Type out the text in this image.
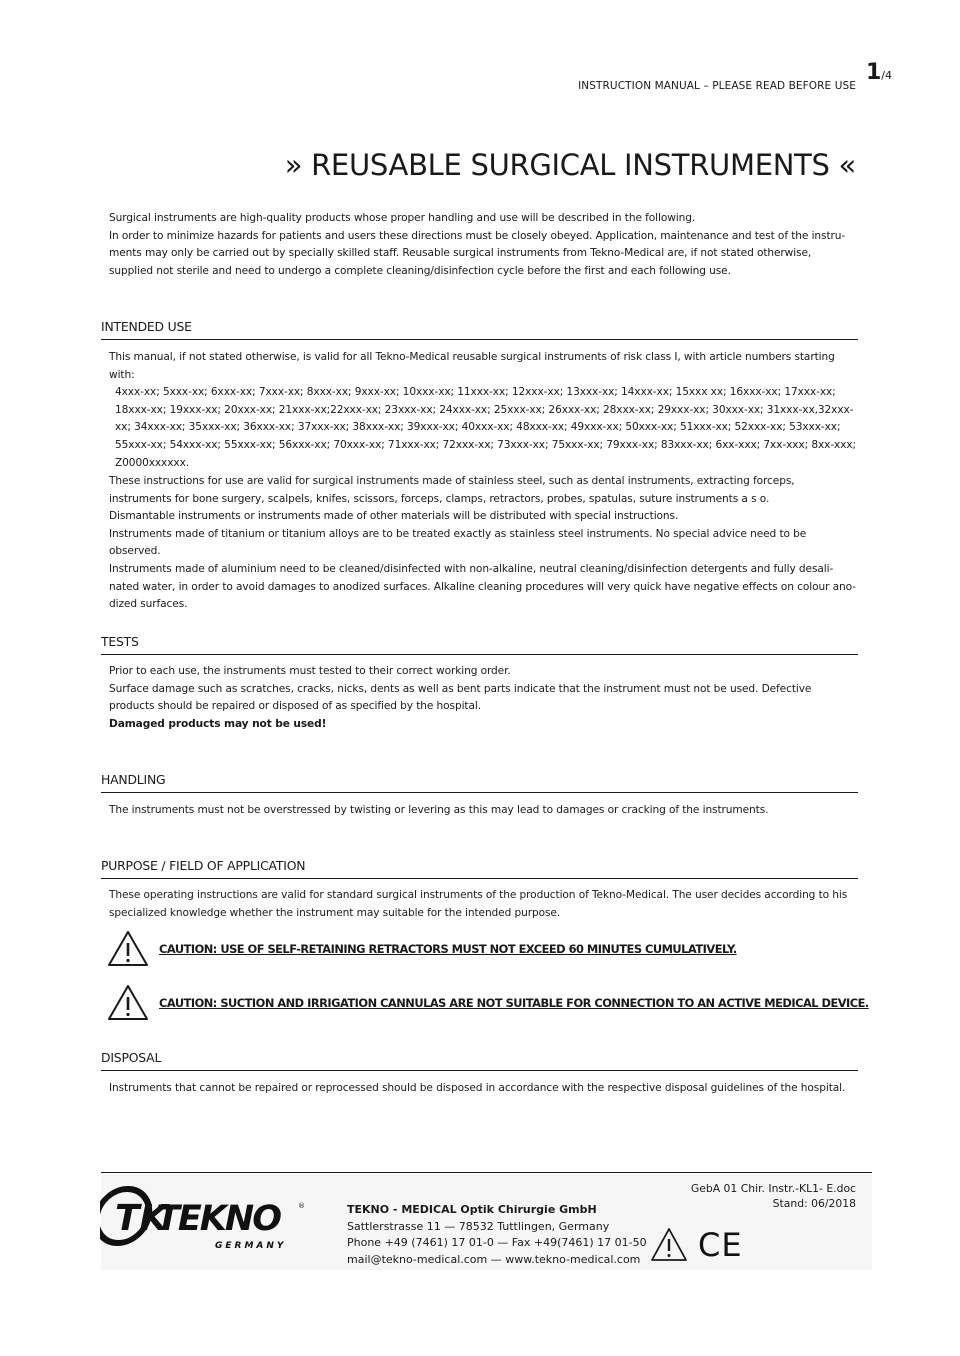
INSTRUCTION MANUAL – PLEASE READ BEFORE USE
1/4
» REUSABLE SURGICAL INSTRUMENTS «

Surgical instruments are high-quality products whose proper handling and use will be described in the following.

In order to minimize hazards for patients and users these directions must be closely obeyed. Application, maintenance and test of the instru-ments may only be carried out by specially skilled staff. Reusable surgical instruments from Tekno-Medical are, if not stated otherwise, supplied not sterile and need to undergo a complete cleaning/disinfection cycle before the first and each following use.

INTENDED USE

This manual, if not stated otherwise, is valid for all Tekno-Medical reusable surgical instruments of risk class I, with article numbers starting with:

4xxx-xx; 5xxx-xx; 6xxx-xx; 7xxx-xx; 8xxx-xx; 9xxx-xx; 10xxx-xx; 11xxx-xx; 12xxx-xx; 13xxx-xx; 14xxx-xx; 15xxx xx; 16xxx-xx; 17xxx-xx; 18xxx-xx; 19xxx-xx; 20xxx-xx; 21xxx-xx;22xxx-xx; 23xxx-xx; 24xxx-xx; 25xxx-xx; 26xxx-xx; 28xxx-xx; 29xxx-xx; 30xxx-xx; 31xxx-xx,32xxx-xx; 34xxx-xx; 35xxx-xx; 36xxx-xx; 37xxx-xx; 38xxx-xx; 39xxx-xx; 40xxx-xx; 48xxx-xx; 49xxx-xx; 50xxx-xx; 51xxx-xx; 52xxx-xx; 53xxx-xx; 55xxx-xx; 54xxx-xx; 55xxx-xx; 56xxx-xx; 70xxx-xx; 71xxx-xx; 72xxx-xx; 73xxx-xx; 75xxx-xx; 79xxx-xx; 83xxx-xx; 6xx-xxx; 7xx-xxx; 8xx-xxx; Z0000xxxxxx.

These instructions for use are valid for surgical instruments made of stainless steel, such as dental instruments, extracting forceps, instruments for bone surgery, scalpels, knifes, scissors, forceps, clamps, retractors, probes, spatulas, suture instruments a s o.

Dismantable instruments or instruments made of other materials will be distributed with special instructions.

Instruments made of titanium or titanium alloys are to be treated exactly as stainless steel instruments. No special advice need to be observed.

Instruments made of aluminium need to be cleaned/disinfected with non-alkaline, neutral cleaning/disinfection detergents and fully desali-nated water, in order to avoid damages to anodized surfaces. Alkaline cleaning procedures will very quick have negative effects on colour ano-dized surfaces.

TESTS

Prior to each use, the instruments must tested to their correct working order.

Surface damage such as scratches, cracks, nicks, dents as well as bent parts indicate that the instrument must not be used. Defective products should be repaired or disposed of as specified by the hospital.

Damaged products may not be used!

HANDLING

The instruments must not be overstressed by twisting or levering as this may lead to damages or cracking of the instruments.

PURPOSE / FIELD OF APPLICATION

These operating instructions are valid for standard surgical instruments of the production of Tekno-Medical. The user decides according to his specialized knowledge whether the instrument may suitable for the intended purpose.

CAUTION: USE OF SELF-RETAINING RETRACTORS MUST NOT EXCEED 60 MINUTES CUMULATIVELY.
CAUTION: SUCTION AND IRRIGATION CANNULAS ARE NOT SUITABLE FOR CONNECTION TO AN ACTIVE MEDICAL DEVICE.
DISPOSAL

Instruments that cannot be repaired or reprocessed should be disposed in accordance with the respective disposal guidelines of the hospital.

TK
TEKNO
GERMANY
®	TEKNO - MEDICAL Optik Chirurgie GmbH
Sattlerstrasse 11 — 78532 Tuttlingen, Germany
Phone +49 (7461) 17 01-0 — Fax +49(7461) 17 01-50
mail@tekno-medical.com — www.tekno-medical.com
GebA 01 Chir. Instr.-KL1- E.doc
Stand: 06/2018
CE
